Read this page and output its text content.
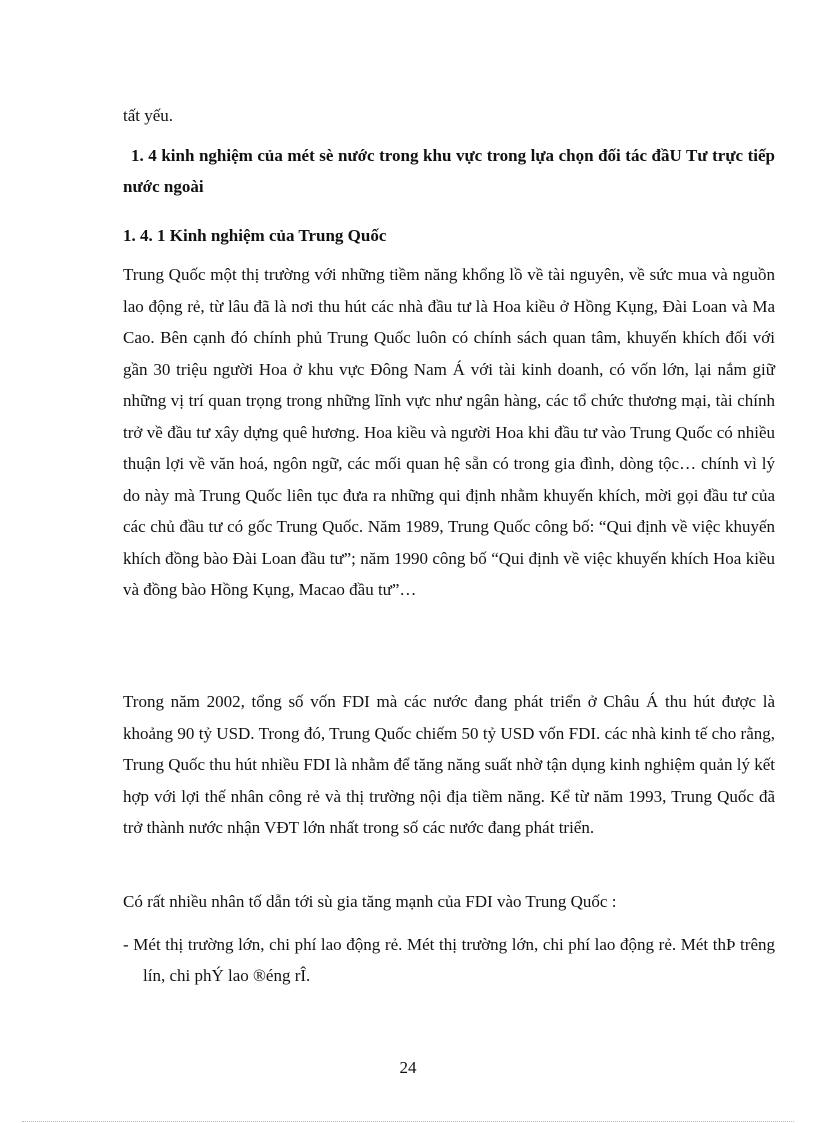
tất yếu.
1. 4 kinh nghiệm của mét sè nước trong khu vực trong lựa chọn đối tác đầU Tư trực tiếp nước ngoài
1. 4. 1 Kinh nghiệm của Trung Quốc
Trung Quốc một thị trường với những tiềm năng khổng lồ về tài nguyên, về sức mua và nguồn lao động rẻ, từ lâu đã là nơi thu hút các nhà đầu tư là Hoa kiều ở Hồng Kụng, Đài Loan và Ma Cao. Bên cạnh đó chính phủ Trung Quốc luôn có chính sách quan tâm, khuyến khích đối với gần 30 triệu người Hoa ở khu vực Đông Nam Á với tài kinh doanh, có vốn lớn, lại nắm giữ những vị trí quan trọng trong những lĩnh vực như ngân hàng, các tổ chức thương mại, tài chính trở về đầu tư xây dựng quê hương. Hoa kiều và người Hoa khi đầu tư vào Trung Quốc có nhiều thuận lợi về văn hoá, ngôn ngữ, các mối quan hệ sẵn có trong gia đình, dòng tộc… chính vì lý do này mà Trung Quốc liên tục đưa ra những qui định nhằm khuyến khích, mời gọi đầu tư của các chủ đầu tư có gốc Trung Quốc. Năm 1989, Trung Quốc công bố: “Qui định về việc khuyến khích đồng bào Đài Loan đầu tư”; năm 1990 công bố “Qui định về việc khuyến khích Hoa kiều và đồng bào Hồng Kụng, Macao đầu tư”…
Trong năm 2002, tổng số vốn FDI mà các nước đang phát triển ở Châu Á thu hút được là khoảng 90 tỷ USD. Trong đó, Trung Quốc chiếm 50 tỷ USD vốn FDI. các nhà kinh tế cho rằng, Trung Quốc thu hút nhiều FDI là nhằm để tăng năng suất nhờ tận dụng kinh nghiệm quản lý kết hợp với lợi thế nhân công rẻ và thị trường nội địa tiềm năng. Kể từ năm 1993, Trung Quốc đã trở thành nước nhận VĐT lớn nhất trong số các nước đang phát triển.
Có rất nhiều nhân tố dẫn tới sù gia tăng mạnh của FDI vào Trung Quốc :
- Mét thị trường lớn, chi phí lao động rẻ. Mét thị trường lớn, chi phí lao động rẻ. Mét thÞ trêng lín, chi phÝ lao ®éng rÎ.
24
